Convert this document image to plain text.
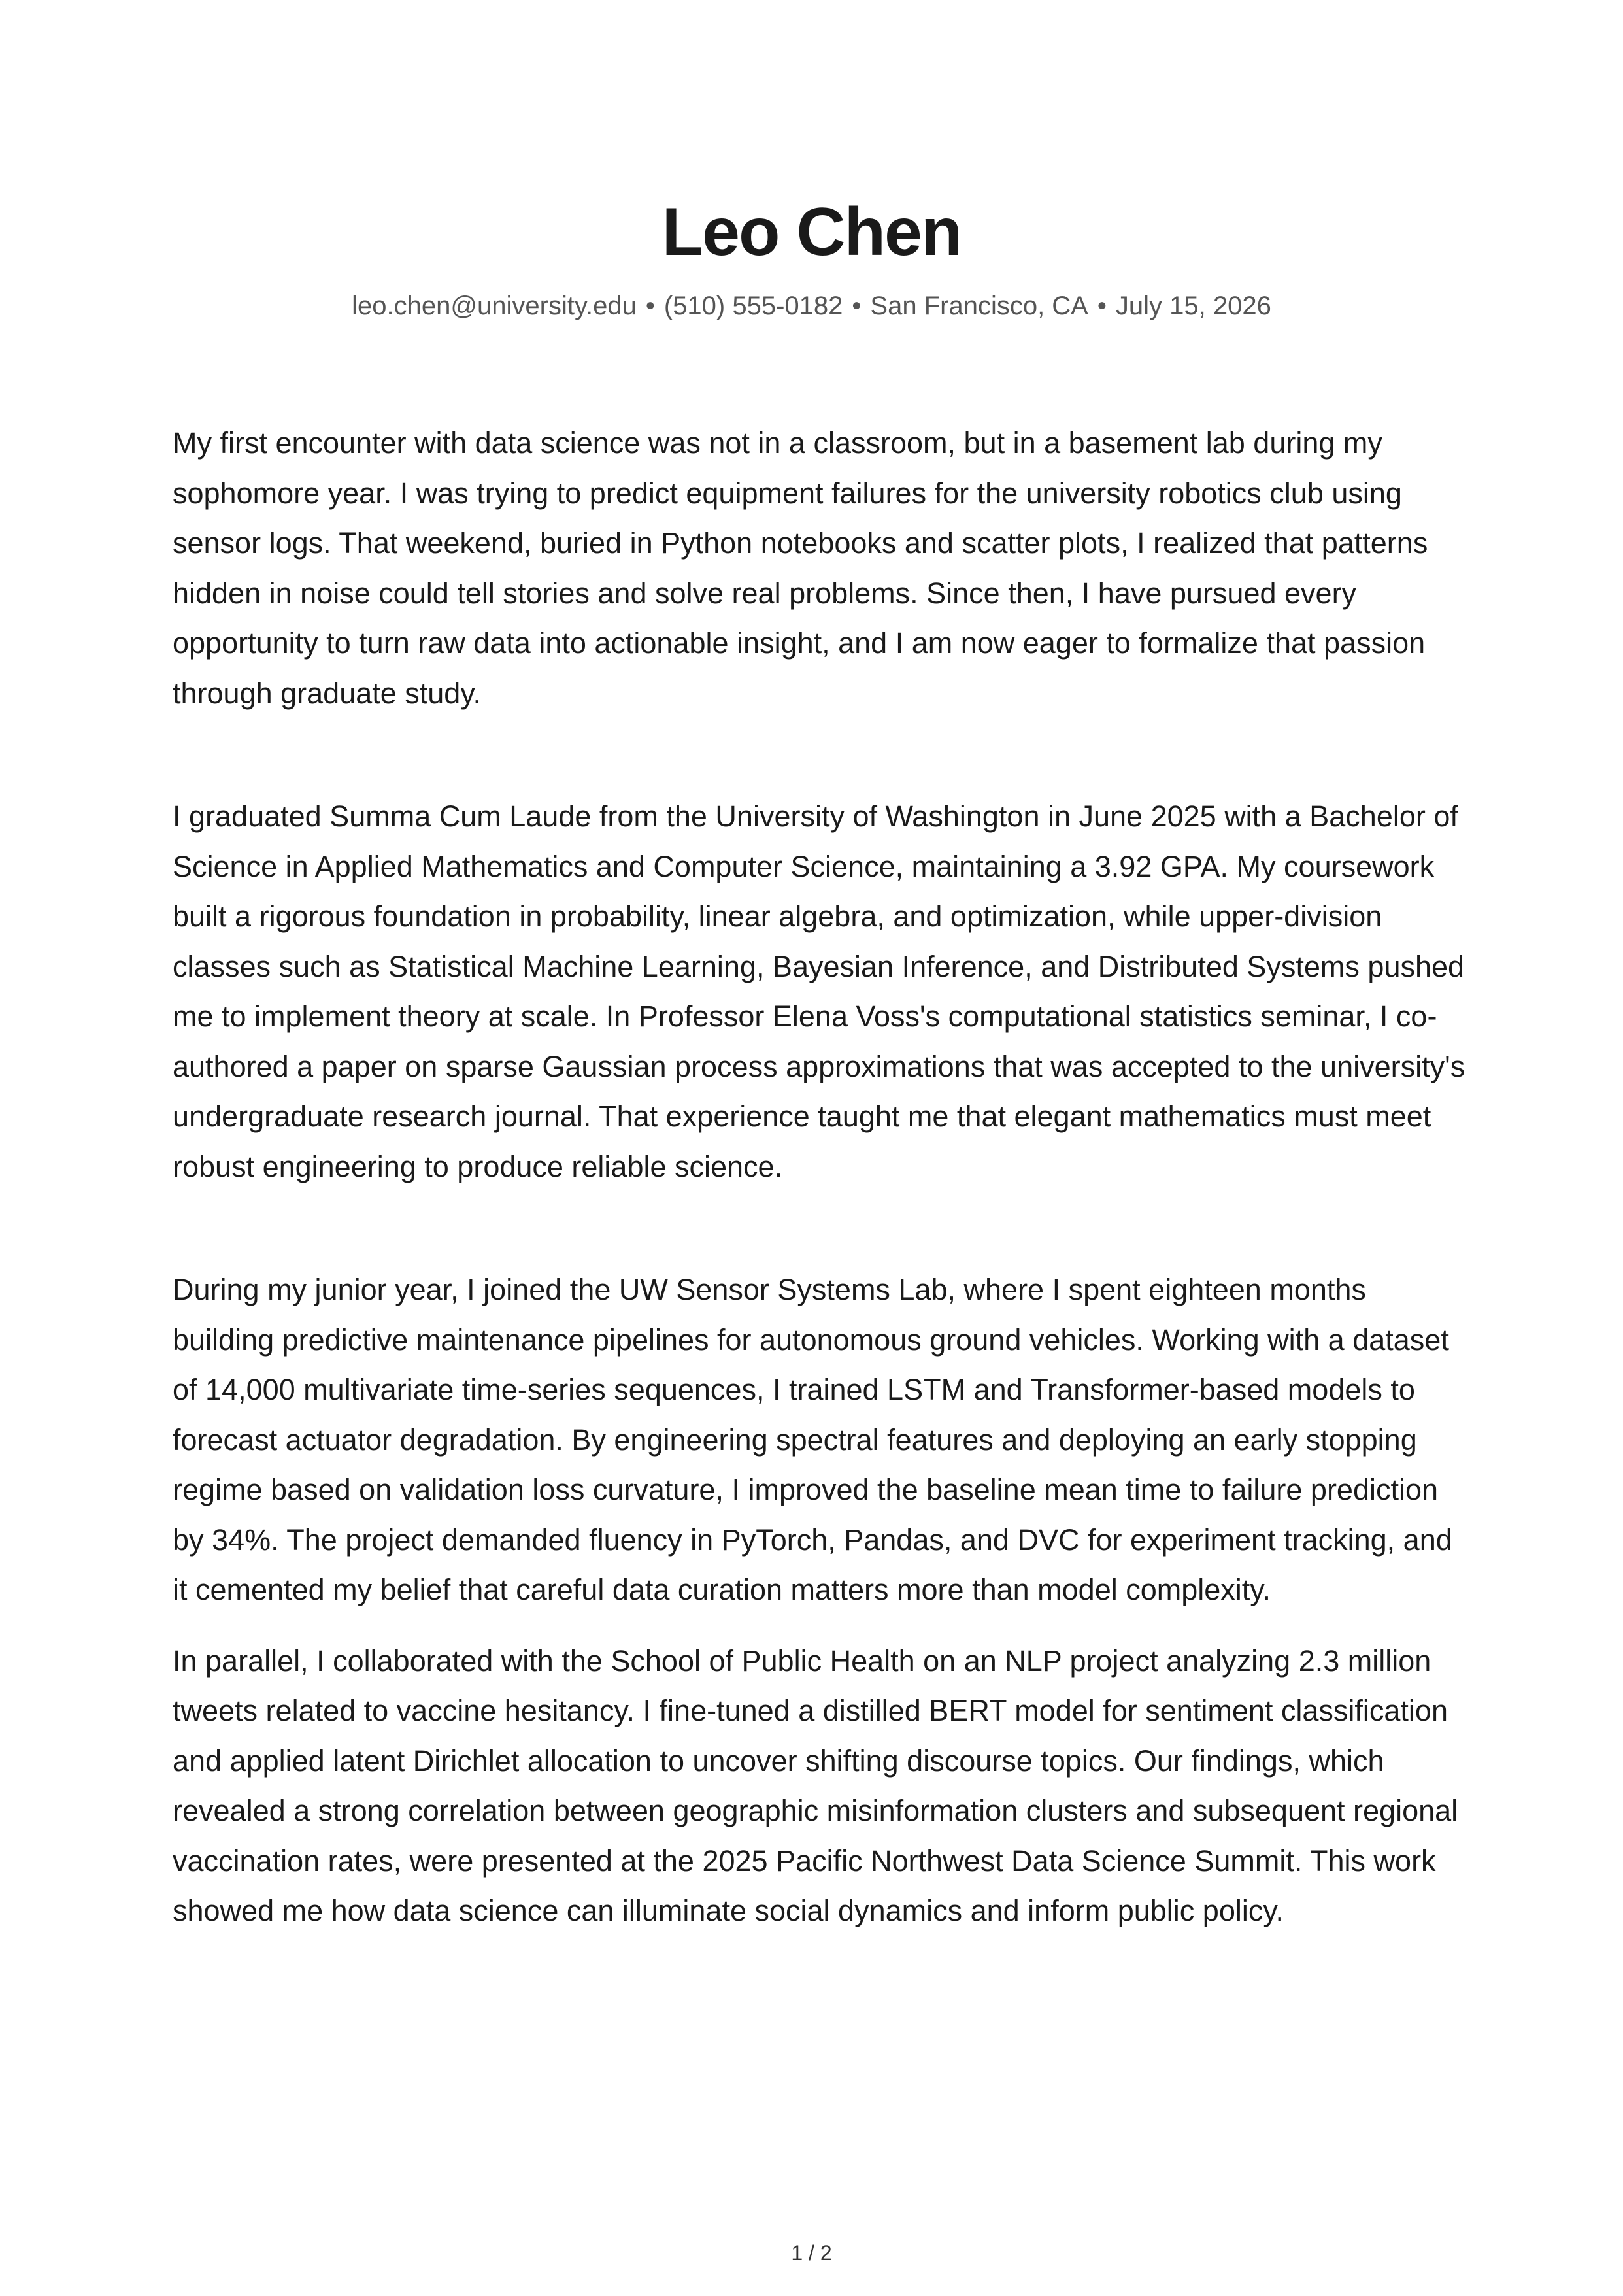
Leo Chen
leo.chen@university.edu • (510) 555-0182 • San Francisco, CA • July 15, 2026

My first encounter with data science was not in a classroom, but in a basement lab during my sophomore year. I was trying to predict equipment failures for the university robotics club using sensor logs. That weekend, buried in Python notebooks and scatter plots, I realized that patterns hidden in noise could tell stories and solve real problems. Since then, I have pursued every opportunity to turn raw data into actionable insight, and I am now eager to formalize that passion through graduate study.

I graduated Summa Cum Laude from the University of Washington in June 2025 with a Bachelor of Science in Applied Mathematics and Computer Science, maintaining a 3.92 GPA. My coursework built a rigorous foundation in probability, linear algebra, and optimization, while upper-division classes such as Statistical Machine Learning, Bayesian Inference, and Distributed Systems pushed me to implement theory at scale. In Professor Elena Voss's computational statistics seminar, I co-authored a paper on sparse Gaussian process approximations that was accepted to the university's undergraduate research journal. That experience taught me that elegant mathematics must meet robust engineering to produce reliable science.

During my junior year, I joined the UW Sensor Systems Lab, where I spent eighteen months building predictive maintenance pipelines for autonomous ground vehicles. Working with a dataset of 14,000 multivariate time-series sequences, I trained LSTM and Transformer-based models to forecast actuator degradation. By engineering spectral features and deploying an early stopping regime based on validation loss curvature, I improved the baseline mean time to failure prediction by 34%. The project demanded fluency in PyTorch, Pandas, and DVC for experiment tracking, and it cemented my belief that careful data curation matters more than model complexity.

In parallel, I collaborated with the School of Public Health on an NLP project analyzing 2.3 million tweets related to vaccine hesitancy. I fine-tuned a distilled BERT model for sentiment classification and applied latent Dirichlet allocation to uncover shifting discourse topics. Our findings, which revealed a strong correlation between geographic misinformation clusters and subsequent regional vaccination rates, were presented at the 2025 Pacific Northwest Data Science Summit. This work showed me how data science can illuminate social dynamics and inform public policy.

1 / 2
